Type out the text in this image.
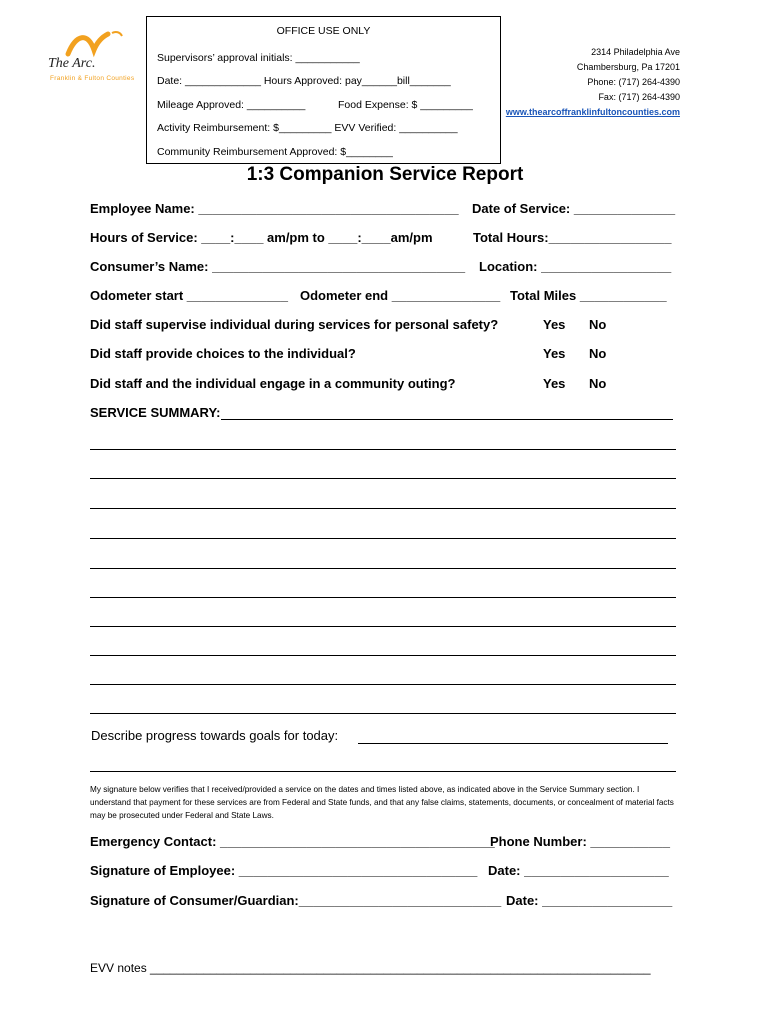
The Arc.
Franklin & Fulton Counties
OFFICE USE ONLY
Supervisors’ approval initials: ___________
Date: _____________ Hours Approved: pay______bill_______
Mileage Approved: __________	Food Expense: $ _________
Activity Reimbursement: $_________ EVV Verified: __________
Community Reimbursement Approved: $________
2314 Philadelphia Ave
Chambersburg, Pa 17201
Phone: (717) 264-4390
Fax: (717) 264-4390
www.thearcoffranklinfultoncounties.com
1:3 Companion Service Report
Employee Name: ____________________________________ Date of Service: ______________
Hours of Service: ____:____ am/pm to ____:____am/pm	Total Hours:_________________
Consumer’s Name: ___________________________________ Location: __________________
Odometer start ______________ Odometer end _______________ Total Miles ____________
Did staff supervise individual during services for personal safety?	Yes No
Did staff provide choices to the individual?	Yes No
Did staff and the individual engage in a community outing?	Yes No
SERVICE SUMMARY:
Describe progress towards goals for today:
My signature below verifies that I received/provided a service on the dates and times listed above, as indicated above in the Service Summary section. I understand that payment for these services are from Federal and State funds, and that any false claims, statements, documents, or concealment of material facts may be prosecuted under Federal and State Laws.
Emergency Contact: ______________________________________
Phone Number: ___________
Signature of Employee: _________________________________ Date: ____________________
Signature of Consumer/Guardian:____________________________ Date: __________________
EVV notes ___________________________________________________________________________
